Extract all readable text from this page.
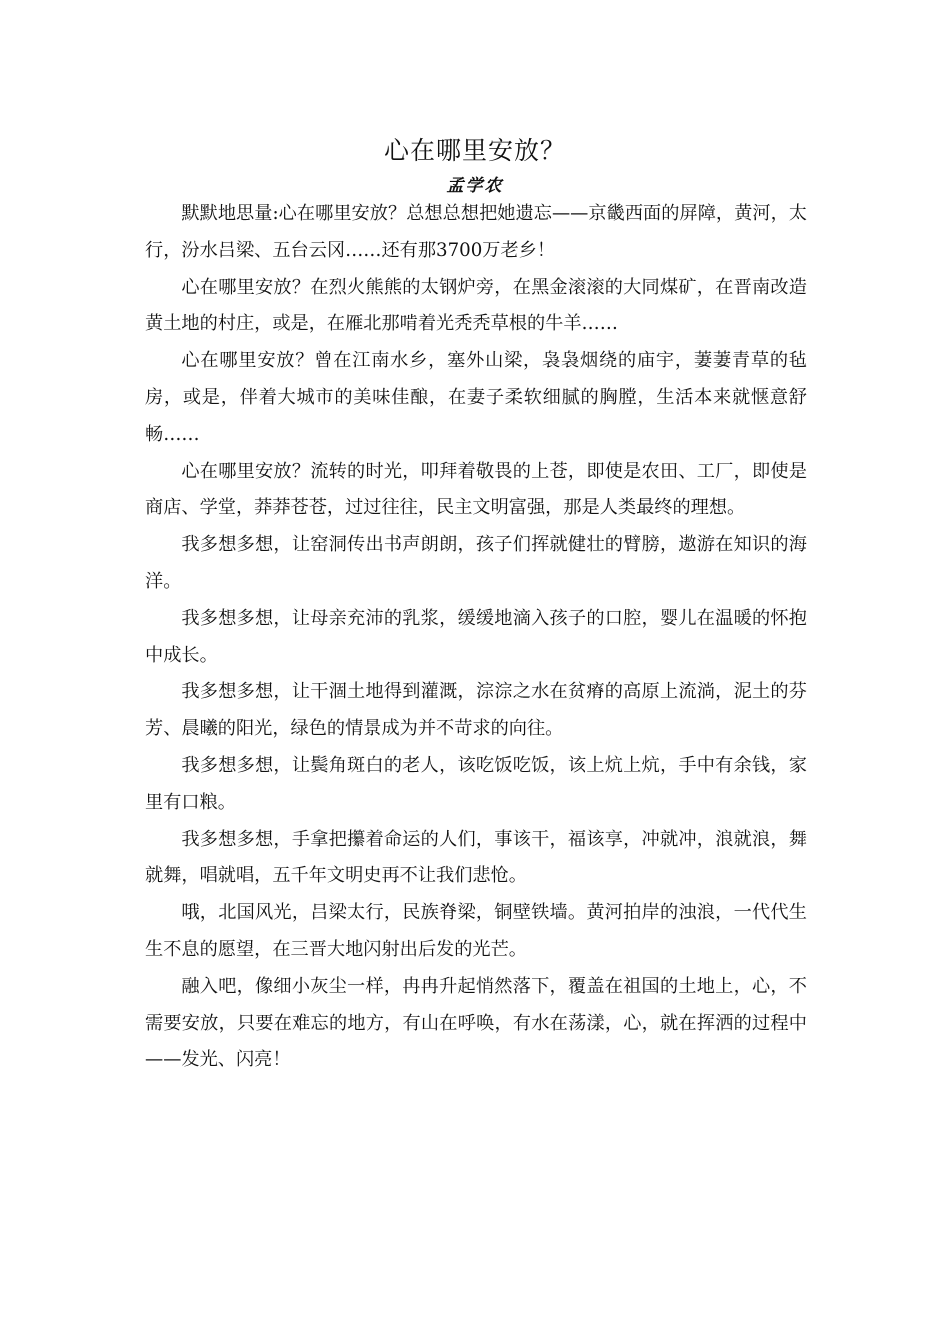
心在哪里安放？
孟学农

默默地思量:心在哪里安放？总想总想把她遗忘——京畿西面的屏障，黄河，太行，汾水吕梁、五台云冈……还有那3700万老乡！

心在哪里安放？在烈火熊熊的太钢炉旁，在黑金滚滚的大同煤矿，在晋南改造黄土地的村庄，或是，在雁北那啃着光秃秃草根的牛羊……

心在哪里安放？曾在江南水乡，塞外山梁，袅袅烟绕的庙宇，萋萋青草的毡房，或是，伴着大城市的美味佳酿，在妻子柔软细腻的胸膛，生活本来就惬意舒畅……

心在哪里安放？流转的时光，叩拜着敬畏的上苍，即使是农田、工厂，即使是商店、学堂，莽莽苍苍，过过往往，民主文明富强，那是人类最终的理想。

我多想多想，让窑洞传出书声朗朗，孩子们挥就健壮的臂膀，遨游在知识的海洋。

我多想多想，让母亲充沛的乳浆，缓缓地滴入孩子的口腔，婴儿在温暖的怀抱中成长。

我多想多想，让干涸土地得到灌溉，淙淙之水在贫瘠的高原上流淌，泥土的芬芳、晨曦的阳光，绿色的情景成为并不苛求的向往。

我多想多想，让鬓角斑白的老人，该吃饭吃饭，该上炕上炕，手中有余钱，家里有口粮。

我多想多想，手拿把攥着命运的人们，事该干，福该享，冲就冲，浪就浪，舞就舞，唱就唱，五千年文明史再不让我们悲怆。

哦，北国风光，吕梁太行，民族脊梁，铜壁铁墙。黄河拍岸的浊浪，一代代生生不息的愿望，在三晋大地闪射出后发的光芒。

融入吧，像细小灰尘一样，冉冉升起悄然落下，覆盖在祖国的土地上，心，不需要安放，只要在难忘的地方，有山在呼唤，有水在荡漾，心，就在挥洒的过程中——发光、闪亮！
